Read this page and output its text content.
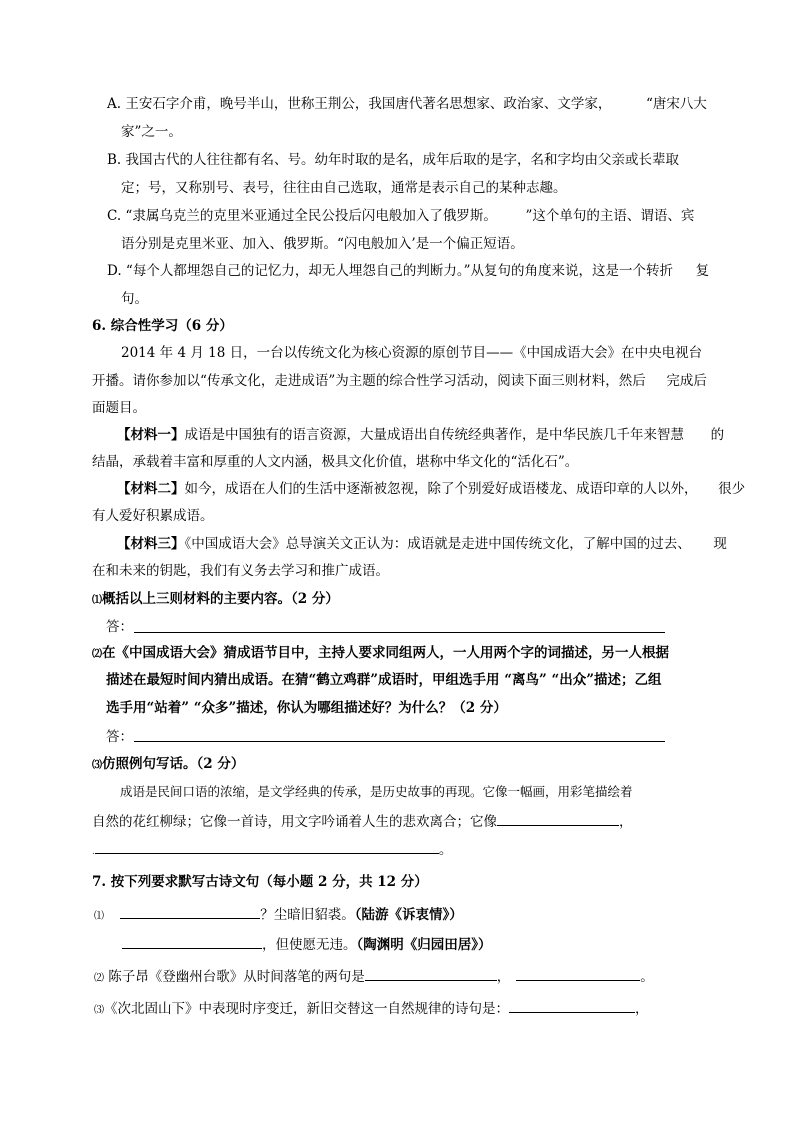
A. 王安石字介甫，晚号半山，世称王荆公，我国唐代著名思想家、政治家、文学家，	“唐宋八大
家”之一。
B. 我国古代的人往往都有名、号。幼年时取的是名，成年后取的是字，名和字均由父亲或长辈取
定；号，又称别号、表号，往往由自己选取，通常是表示自己的某种志趣。
C. “隶属乌克兰的克里米亚通过全民公投后闪电般加入了俄罗斯。 ”这个单句的主语、谓语、宾
语分别是克里米亚、加入、俄罗斯。“闪电般加入’是一个偏正短语。
D. “每个人都埋怨自己的记忆力，却无人埋怨自己的判断力。”从复句的角度来说，这是一个转折 复
句。
6. 综合性学习（6 分）
2014 年 4 月 18 日，一台以传统文化为核心资源的原创节目——《中国成语大会》在中央电视台
开播。请你参加以“传承文化，走进成语”为主题的综合性学习活动，阅读下面三则材料，然后 完成后
面题目。
【材料一】成语是中国独有的语言资源，大量成语出自传统经典著作，是中华民族几千年来智慧 的
结晶，承载着丰富和厚重的人文内涵，极具文化价值，堪称中华文化的“活化石”。
【材料二】如今，成语在人们的生活中逐渐被忽视，除了个别爱好成语楼龙、成语印章的人以外， 很少
有人爱好积累成语。
【材料三】《中国成语大会》总导演关文正认为：成语就是走进中国传统文化，了解中国的过去、 现
在和未来的钥匙，我们有义务去学习和推广成语。
⑴概括以上三则材料的主要内容。（2 分）
答：
⑵在《中国成语大会》猜成语节目中，主持人要求同组两人，一人用两个字的词描述，另一人根据
描述在最短时间内猜出成语。在猜“鹤立鸡群”成语时，甲组选手用 “离鸟” “出众”描述；乙组
选手用“站着” “众多”描述，你认为哪组描述好？为什么？（2 分）
答：
⑶仿照例句写话。（2 分）
成语是民间口语的浓缩，是文学经典的传承，是历史故事的再现。它像一幅画，用彩笔描绘着
自然的花红柳绿；它像一首诗，用文字吟诵着人生的悲欢离合；它像	，
.	。
7. 按下列要求默写古诗文句（每小题 2 分，共 12 分）
⑴	？尘暗旧貂裘。（陆游《诉衷情》）
，但使愿无违。（陶渊明《归园田居》）
⑵ 陈子昂《登幽州台歌》从时间落笔的两句是	，	。
⑶《次北固山下》中表现时序变迁，新旧交替这一自然规律的诗句是：	，
